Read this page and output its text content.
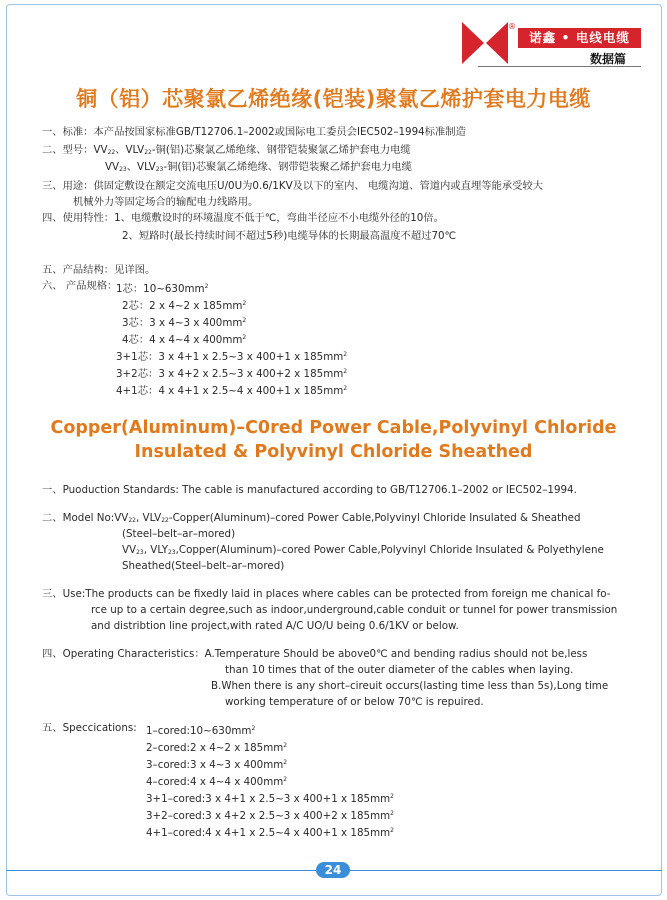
®
诺鑫 • 电线电缆
数据篇
铜（铝）芯聚氯乙烯绝缘(铠装)聚氯乙烯护套电力电缆
一、标准：本产品按国家标准GB/T12706.1–2002或国际电工委员会IEC502–1994标准制造
二、型号：$VV_{22}$、$VLV_{22}-$铜(铝)芯聚氯乙烯绝缘、钢带铠装聚氯乙烯护套电力电缆
$VV_{23}$、$VLV_{23}-$铜(铝)芯聚氯乙烯绝缘、钢带铠装聚乙烯护套电力电缆
三、用途：供固定敷设在额定交流电压U/0U为0.6/1KV及以下的室内、 电缆沟道、管道内或直埋等能承受较大
机械外力等固定场合的输配电力线路用。
四、使用特性：1、电缆敷设时的环境温度不低于℃，弯曲半径应不小电缆外径的10倍。
2、短路时(最长持续时间不超过5秒)电缆导体的长期最高温度不超过70℃
五、产品结构：见详图。
六、 产品规格：
1芯：$10\sim 630mm^2$
2芯：2 x 4~2 x $185mm^2$
3芯：3 x 4~3 x $400mm^2$
4芯：4 x 4~4 x $400mm^2$
3+1芯：3 x 4+1 x 2.5~3 x 400+1 x $185mm^2$
3+2芯：3 x 4+2 x 2.5~3 x 400+2 x $185mm^2$
4+1芯：4 x 4+1 x 2.5~4 x 400+1 x $185mm^2$
Copper(Aluminum)–C0red Power Cable,Polyvinyl Chloride
Insulated & Polyvinyl Chloride Sheathed
一、Puoduction Standards: The cable is manufactured according to GB/T12706.1–2002 or IEC502–1994.
二、Model $No:VV_{22}$, $VLV_{22}-Copper(Aluminum)$–cored Power Cable,Polyvinyl Chloride Insulated & Sheathed
(Steel–belt–ar–mored)
$VV_{23}$, $VLY_{23},Copper(Aluminum)$–cored Power Cable,Polyvinyl Chloride Insulated & Polyethylene
Sheathed(Steel–belt–ar–mored)
三、Use:The products can be fixedly laid in places where cables can be protected from foreign me chanical fo-
rce up to a certain degree,such as indoor,underground,cable conduit or tunnel for power transmission
and distribtion line project,with rated A/C UO/U being 0.6/1KV or below.
四、Operating Characteristics：A.Temperature Should be above0℃ and bending radius should not be,less
than 10 times that of the outer diameter of the cables when laying.
B.When there is any short–cireuit occurs(lasting time less than 5s),Long time
working temperature of or below 70℃ is repuired.
五、Speccications: $1-cored:10\sim 630mm^2$
2–cored:2 x 4~2 x $185mm^2$
3–cored:3 x 4~3 x $400mm^2$
4–cored:4 x 4~4 x $400mm^2$
3+1–cored:3 x 4+1 x 2.5~3 x 400+1 x $185mm^2$
3+2–cored:3 x 4+2 x 2.5~3 x 400+2 x $185mm^2$
4+1–cored:4 x 4+1 x 2.5~4 x 400+1 x $185mm^2$
24
